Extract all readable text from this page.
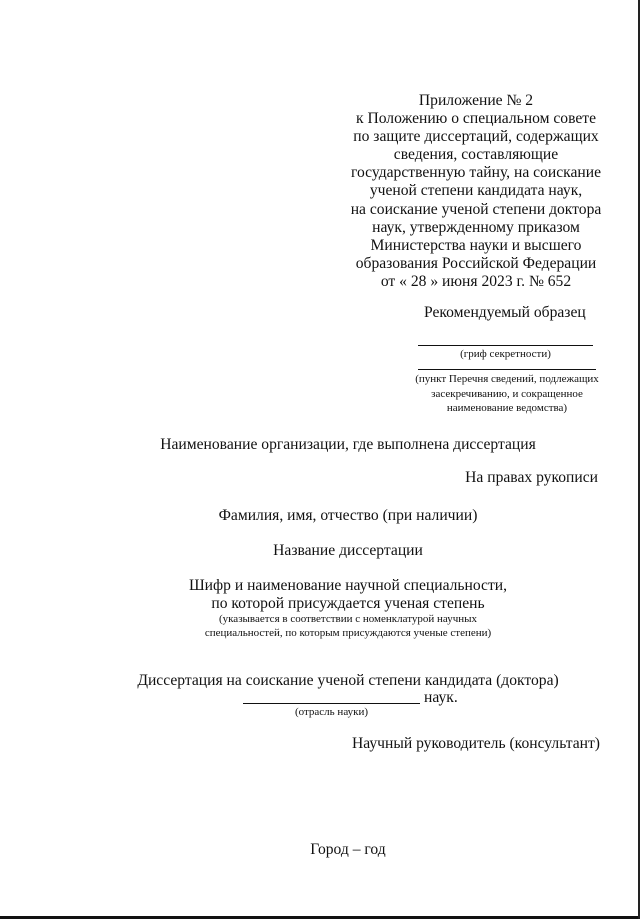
Приложение № 2
к Положению о специальном совете
по защите диссертаций, содержащих
сведения, составляющие
государственную тайну, на соискание
ученой степени кандидата наук,
на соискание ученой степени доктора
наук, утвержденному приказом
Министерства науки и высшего
образования Российской Федерации
от « 28 » июня 2023 г. № 652
Рекомендуемый образец
(гриф секретности)
(пункт Перечня сведений, подлежащих
засекречиванию, и сокращенное
наименование ведомства)
Наименование организации, где выполнена диссертация
На правах рукописи
Фамилия, имя, отчество (при наличии)
Название диссертации
Шифр и наименование научной специальности,
по которой присуждается ученая степень
(указывается в соответствии с номенклатурой научных
специальностей, по которым присуждаются ученые степени)
Диссертация на соискание ученой степени кандидата (доктора)
наук.
(отрасль науки)
Научный руководитель (консультант)
Город – год
